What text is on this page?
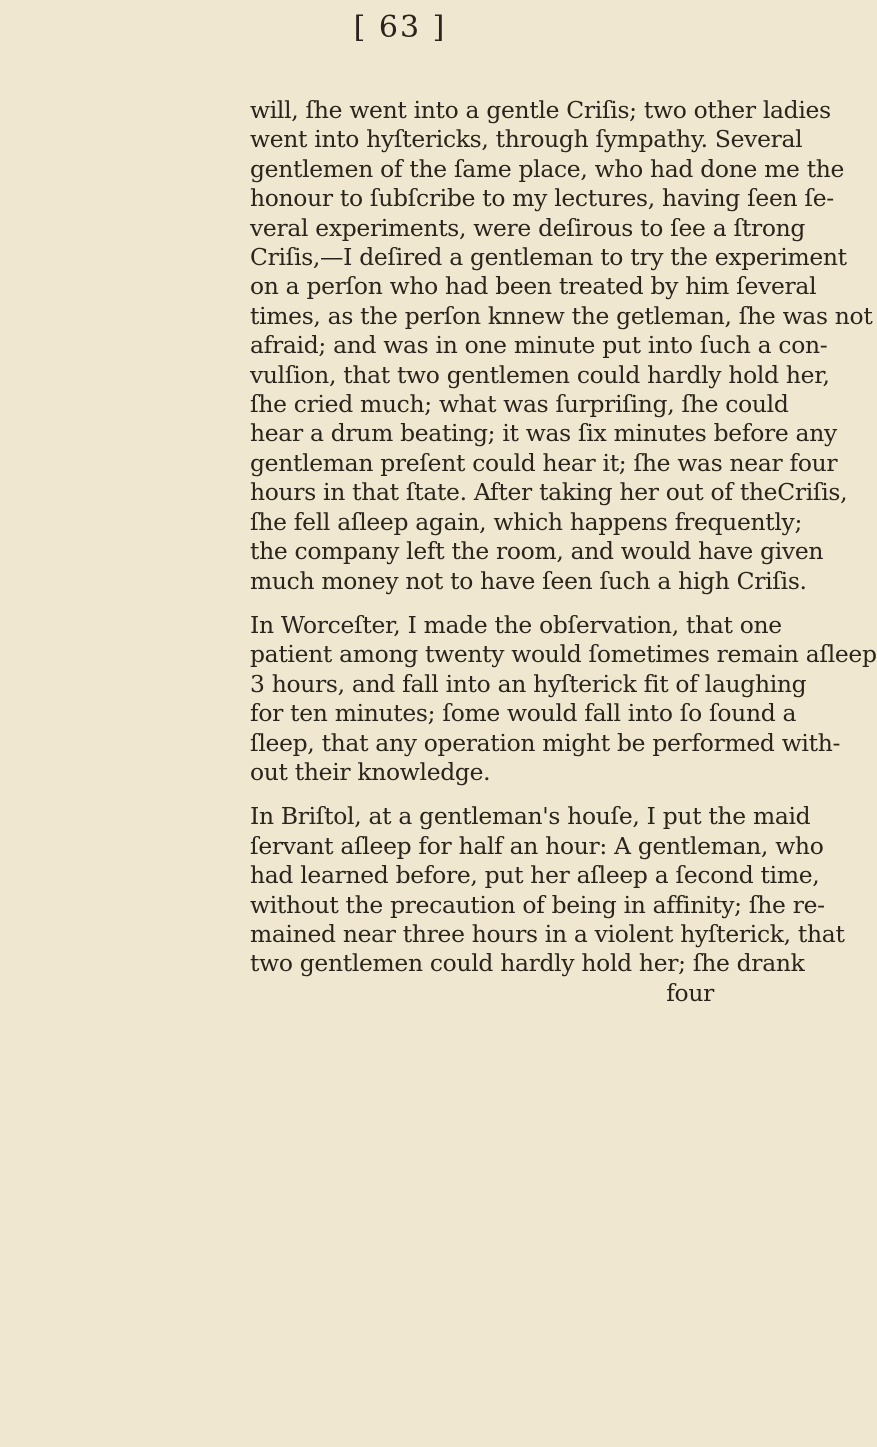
[ 63 ]
will, ſhe went into a gentle Criſis; two other ladies
went into hyſtericks, through ſympathy. Several
gentlemen of the ſame place, who had done me the
honour to ſubſcribe to my lectures, having ſeen ſe-
veral experiments, were deſirous to ſee a ſtrong
Criſis,—I deſired a gentleman to try the experiment
on a perſon who had been treated by him ſeveral
times, as the perſon knnew the getleman, ſhe was not
afraid; and was in one minute put into ſuch a con-
vulſion, that two gentlemen could hardly hold her,
ſhe cried much; what was ſurpriſing, ſhe could
hear a drum beating; it was ſix minutes before any
gentleman preſent could hear it; ſhe was near four
hours in that ſtate. After taking her out of theCriſis,
ſhe fell aſleep again, which happens frequently;
the company left the room, and would have given
much money not to have ſeen ſuch a high Criſis.
In Worceſter, I made the obſervation, that one
patient among twenty would ſometimes remain aſleep
3 hours, and fall into an hyſterick fit of laughing
for ten minutes; ſome would fall into ſo ſound a
ſleep, that any operation might be performed with-
out their knowledge.
In Briſtol, at a gentleman's houſe, I put the maid
ſervant aſleep for half an hour: A gentleman, who
had learned before, put her aſleep a ſecond time,
without the precaution of being in affinity; ſhe re-
mained near three hours in a violent hyſterick, that
two gentlemen could hardly hold her; ſhe drank
four
